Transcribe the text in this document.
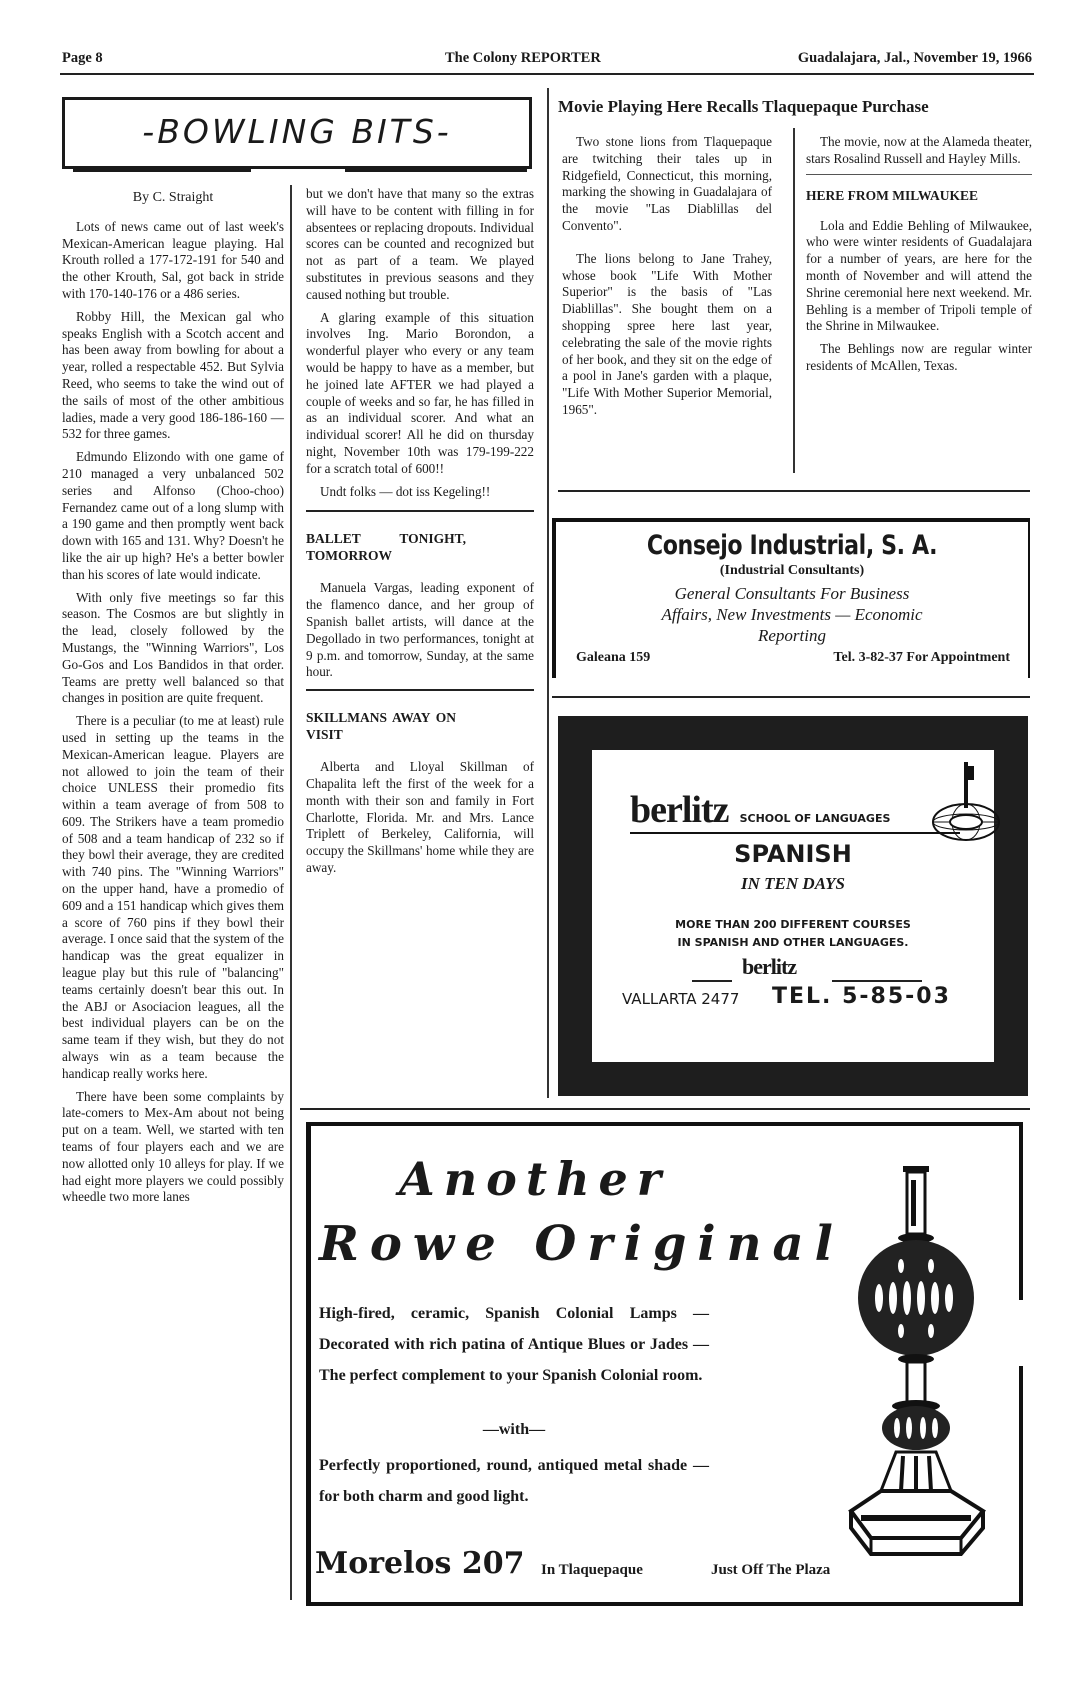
Page 8	The Colony REPORTER	Guadalajara, Jal., November 19, 1966
-BOWLING BITS-
By C. Straight

Lots of news came out of last week's Mexican-American league playing. Hal Krouth rolled a 177-172-191 for 540 and the other Krouth, Sal, got back in stride with 170-140-176 or a 486 series.

Robby Hill, the Mexican gal who speaks English with a Scotch accent and has been away from bowling for about a year, rolled a respectable 452. But Sylvia Reed, who seems to take the wind out of the sails of most of the other ambitious ladies, made a very good 186-186-160 — 532 for three games.

Edmundo Elizondo with one game of 210 managed a very unbalanced 502 series and Alfonso (Choo-choo) Fernandez came out of a long slump with a 190 game and then promptly went back down with 165 and 131. Why? Doesn't he like the air up high? He's a better bowler than his scores of late would indicate.

With only five meetings so far this season. The Cosmos are but slightly in the lead, closely followed by the Mustangs, the "Winning Warriors", Los Go-Gos and Los Bandidos in that order. Teams are pretty well balanced so that changes in position are quite frequent.

There is a peculiar (to me at least) rule used in setting up the teams in the Mexican-American league. Players are not allowed to join the team of their choice UNLESS their promedio fits within a team average of from 508 to 609. The Strikers have a team promedio of 508 and a team handicap of 232 so if they bowl their average, they are credited with 740 pins. The "Winning Warriors" on the upper hand, have a promedio of 609 and a 151 handicap which gives them a score of 760 pins if they bowl their average. I once said that the system of the handicap was the great equalizer in league play but this rule of "balancing" teams certainly doesn't bear this out. In the ABJ or Asociacion leagues, all the best individual players can be on the same team if they wish, but they do not always win as a team because the handicap really works here.

There have been some complaints by late-comers to Mex-Am about not being put on a team. Well, we started with ten teams of four players each and we are now allotted only 10 alleys for play. If we had eight more players we could possibly wheedle two more lanes

but we don't have that many so the extras will have to be content with filling in for absentees or replacing dropouts. Individual scores can be counted and recognized but not as part of a team. We played substitutes in previous seasons and they caused nothing but trouble.

A glaring example of this situation involves Ing. Mario Borondon, a wonderful player who every or any team would be happy to have as a member, but he joined late AFTER we had played a couple of weeks and so far, he has filled in as an individual scorer. And what an individual scorer! All he did on thursday night, November 10th was 179-199-222 for a scratch total of 600!!

Undt folks — dot iss Kegeling!!

BALLET TONIGHT, TOMORROW

Manuela Vargas, leading exponent of the flamenco dance, and her group of Spanish ballet artists, will dance at the Degollado in two performances, tonight at 9 p.m. and tomorrow, Sunday, at the same hour.

SKILLMANS AWAY ON VISIT

Alberta and Lloyal Skillman of Chapalita left the first of the week for a month with their son and family in Fort Charlotte, Florida. Mr. and Mrs. Lance Triplett of Berkeley, California, will occupy the Skillmans' home while they are away.

Movie Playing Here Recalls Tlaquepaque Purchase

Two stone lions from Tlaquepaque are twitching their tales up in Ridgefield, Connecticut, this morning, marking the showing in Guadalajara of the movie "Las Diablillas del Convento".

The lions belong to Jane Trahey, whose book "Life With Mother Superior" is the basis of "Las Diablillas". She bought them on a shopping spree here last year, celebrating the sale of the movie rights of her book, and they sit on the edge of a pool in Jane's garden with a plaque, "Life With Mother Superior Memorial, 1965".

The movie, now at the Alameda theater, stars Rosalind Russell and Hayley Mills.

HERE FROM MILWAUKEE

Lola and Eddie Behling of Milwaukee, who were winter residents of Guadalajara for a number of years, are here for the month of November and will attend the Shrine ceremonial here next weekend. Mr. Behling is a member of Tripoli temple of the Shrine in Milwaukee.

The Behlings now are regular winter residents of McAllen, Texas.

Consejo Industrial, S. A.
(Industrial Consultants)
General Consultants For Business
Affairs, New Investments — Economic
Reporting
Galeana 159	Tel. 3-82-37 For Appointment
berlitz SCHOOL OF LANGUAGES
SPANISH
IN TEN DAYS
MORE THAN 200 DIFFERENT COURSES
IN SPANISH AND OTHER LANGUAGES.
berlitz
VALLARTA 2477 TEL. 5-85-03
Another
Rowe Original
High-fired, ceramic, Spanish Colonial Lamps — Decorated with rich patina of Antique Blues or Jades — The perfect complement to your Spanish Colonial room.
—with—
Perfectly proportioned, round, antiqued metal shade — for both charm and good light.
Morelos 207 In Tlaquepaque	Just Off The Plaza
